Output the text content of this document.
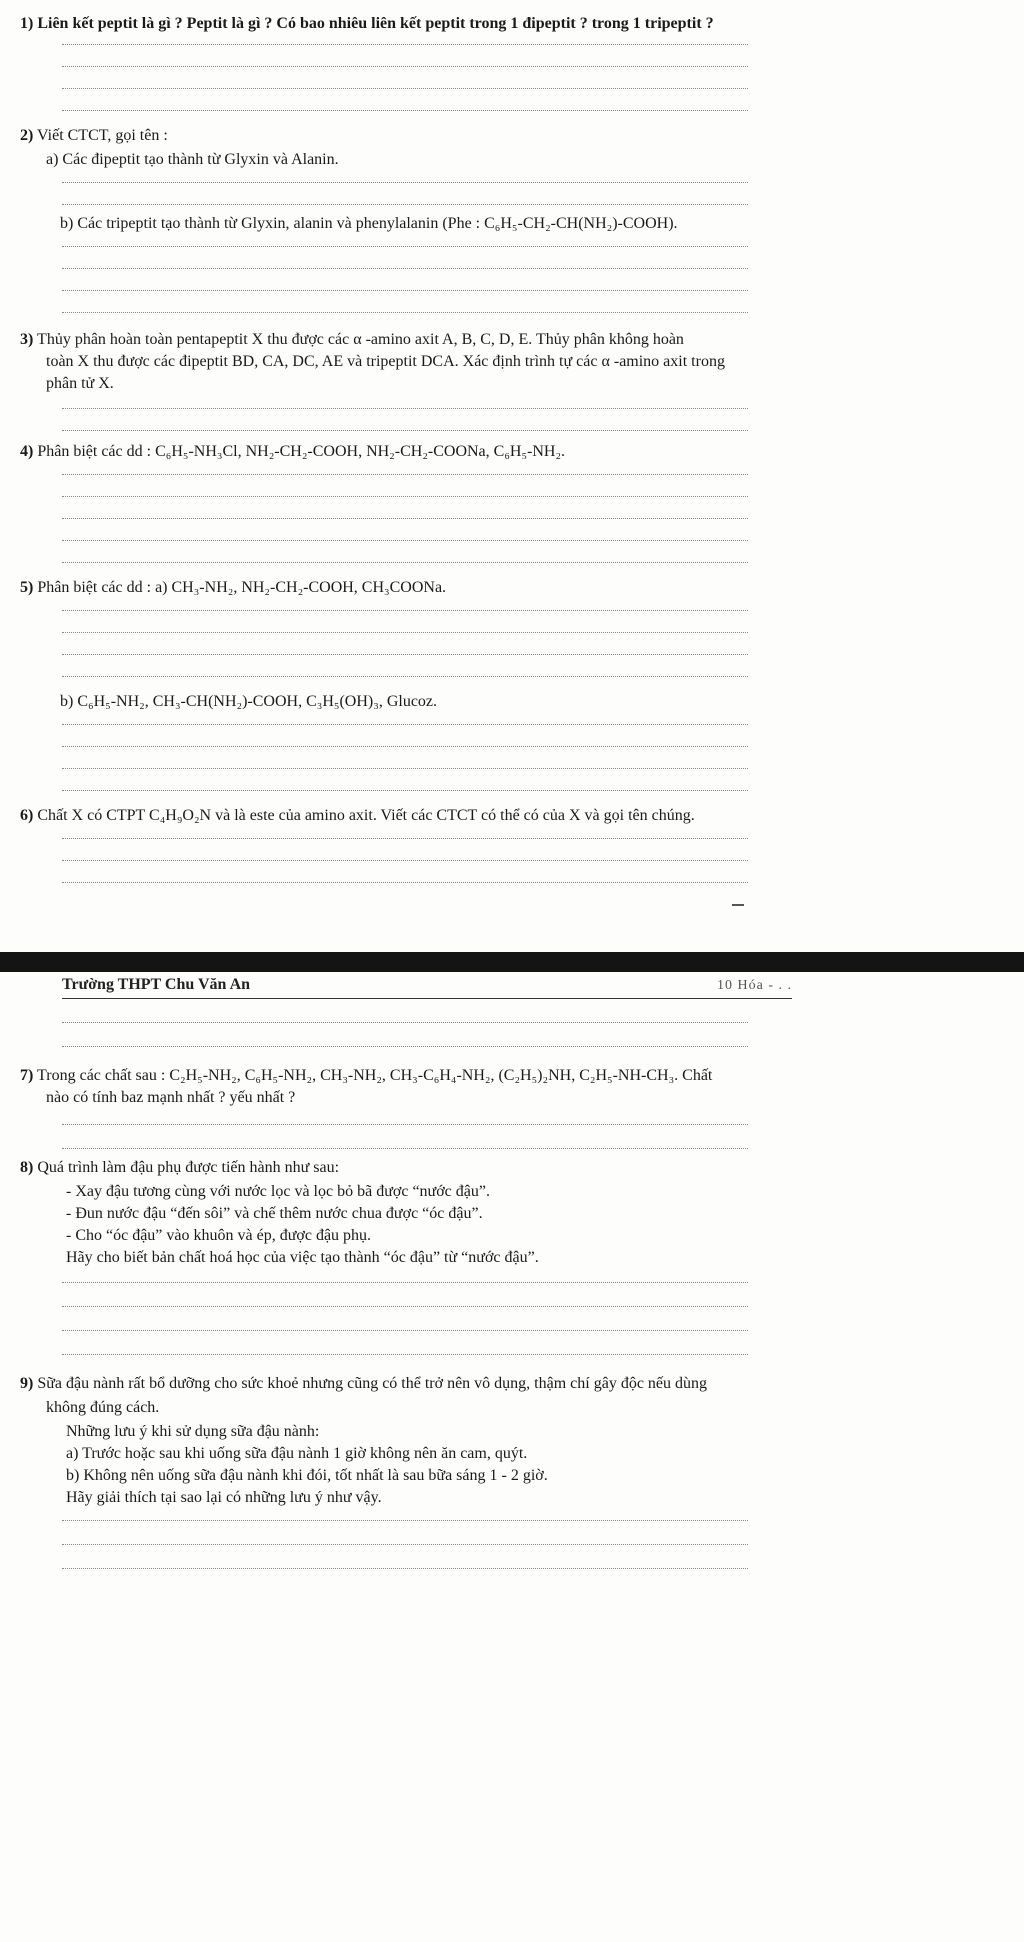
1) Liên kết peptit là gì ? Peptit là gì ? Có bao nhiêu liên kết peptit trong 1 đipeptit ? trong 1 tripeptit ?
2) Viết CTCT, gọi tên :
a) Các đipeptit tạo thành từ Glyxin và Alanin.
b) Các tripeptit tạo thành từ Glyxin, alanin và phenylalanin (Phe : C₆H₅-CH₂-CH(NH₂)-COOH).
3) Thủy phân hoàn toàn pentapeptit X thu được các α -amino axit A, B, C, D, E. Thủy phân không hoàn
toàn X thu được các đipeptit BD, CA, DC, AE và tripeptit DCA. Xác định trình tự các α -amino axit trong
phân tử X.
4) Phân biệt các dd : C₆H₅-NH₃Cl, NH₂-CH₂-COOH, NH₂-CH₂-COONa, C₆H₅-NH₂.
5) Phân biệt các dd : a) CH₃-NH₂, NH₂-CH₂-COOH, CH₃COONa.
b) C₆H₅-NH₂, CH₃-CH(NH₂)-COOH, C₃H₅(OH)₃, Glucoz.
6) Chất X có CTPT C₄H₉O₂N và là este của amino axit. Viết các CTCT có thể có của X và gọi tên chúng.
Trường THPT Chu Văn An	10 Hóa - . .
7) Trong các chất sau : C₂H₅-NH₂, C₆H₅-NH₂, CH₃-NH₂, CH₃-C₆H₄-NH₂, (C₂H₅)₂NH, C₂H₅-NH-CH₃. Chất
nào có tính baz mạnh nhất ? yếu nhất ?
8) Quá trình làm đậu phụ được tiến hành như sau:
- Xay đậu tương cùng với nước lọc và lọc bỏ bã được “nước đậu”.
- Đun nước đậu “đến sôi” và chế thêm nước chua được “óc đậu”.
- Cho “óc đậu” vào khuôn và ép, được đậu phụ.
Hãy cho biết bản chất hoá học của việc tạo thành “óc đậu” từ “nước đậu”.
9) Sữa đậu nành rất bổ dưỡng cho sức khoẻ nhưng cũng có thể trở nên vô dụng, thậm chí gây độc nếu dùng
không đúng cách.
Những lưu ý khi sử dụng sữa đậu nành:
a) Trước hoặc sau khi uống sữa đậu nành 1 giờ không nên ăn cam, quýt.
b) Không nên uống sữa đậu nành khi đói, tốt nhất là sau bữa sáng 1 - 2 giờ.
Hãy giải thích tại sao lại có những lưu ý như vậy.
